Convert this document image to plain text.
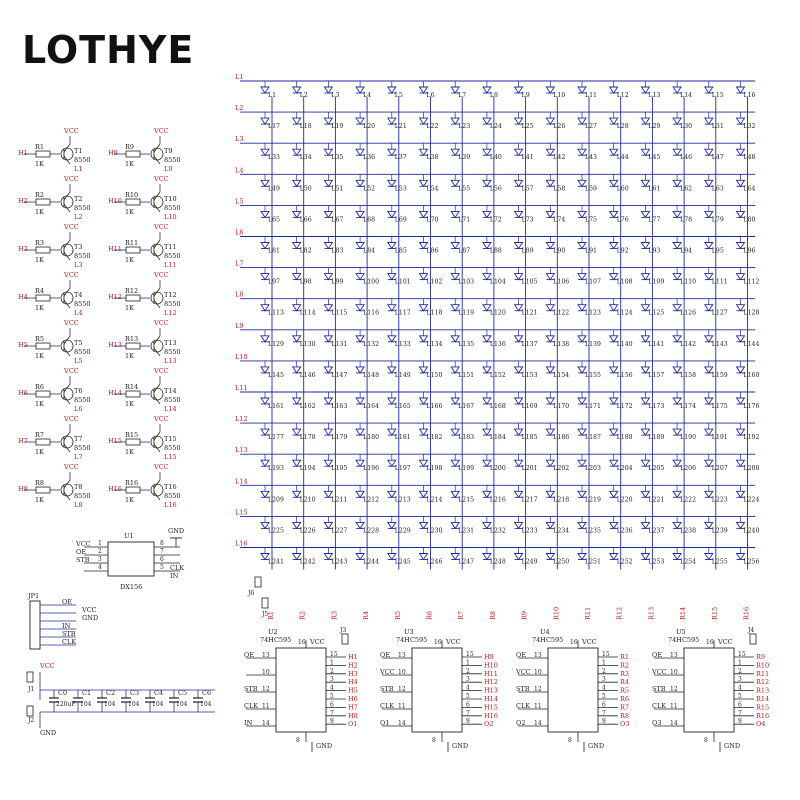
LOTHYE
L1
L2
L3
L4
L5
L6
L7
L8
L9
L10
L11
L12
L13
L14
L15
L16
R1	R2	R3	R4	R5	R6	R7	R8	R9	R10	R11	R12	R13	R14	R15	R16
L1	L2	L3	L4	L5	L6	L7	L8	L9	L10	L11	L12	L13	L14	L15	L16
L17	L18	L19	L20	L21	L22	L23	L24	L25	L26	L27	L28	L29	L30	L31	L32
L33	L34	L35	L36	L37	L38	L39	L40	L41	L42	L43	L44	L45	L46	L47	L48
L49	L50	L51	L52	L53	L54	L55	L56	L57	L58	L59	L60	L61	L62	L63	L64
L65	L66	L67	L68	L69	L70	L71	L72	L73	L74	L75	L76	L77	L78	L79	L80
L81	L82	L83	L84	L85	L86	L87	L88	L89	L90	L91	L92	L93	L94	L95	L96
L97	L98	L99	L100	L101	L102	L103	L104	L105	L106	L107	L108	L109	L110	L111	L112
L113	L114	L115	L116	L117	L118	L119	L120	L121	L122	L123	L124	L125	L126	L127	L128
L129	L130	L131	L132	L133	L134	L135	L136	L137	L138	L139	L140	L141	L142	L143	L144
L145	L146	L147	L148	L149	L150	L151	L152	L153	L154	L155	L156	L157	L158	L159	L160
L161	L162	L163	L164	L165	L166	L167	L168	L169	L170	L171	L172	L173	L174	L175	L176
L177	L178	L179	L180	L181	L182	L183	L184	L185	L186	L187	L188	L189	L190	L191	L192
L193	L194	L195	L196	L197	L198	L199	L200	L201	L202	L203	L204	L205	L206	L207	L208
L209	L210	L211	L212	L213	L214	L215	L216	L217	L218	L219	L220	L221	L222	L223	L224
L225	L226	L227	L228	L229	L230	L231	L232	L233	L234	L235	L236	L237	L238	L239	L240
L241	L242	L243	L244	L245	L246	L247	L248	L249	L250	L251	L252	L253	L254	L255	L256
J6
J5
H1
R1
1K
VCC
T1
8550
L1
H2
R2
1K
VCC
T2
8550
L2
H3
R3
1K
VCC
T3
8550
L3
H4
R4
1K
VCC
T4
8550
L4
H5
R5
1K
VCC
T5
8550
L5
H6
R6
1K
VCC
T6
8550
L6
H7
R7
1K
VCC
T7
8550
L7
H8
R8
1K
VCC
T8
8550
L8
H9
R9
1K
VCC
T9
8550
L9
H10
R10
1K
VCC
T10
8550
L10
H11
R11
1K
VCC
T11
8550
L11
H12
R12
1K
VCC
T12
8550
L12
H13
R13
1K
VCC
T13
8550
L13
H14
R14
1K
VCC
T14
8550
L14
H15
R15
1K
VCC
T15
8550
L15
H16
R16
1K
VCC
T16
8550
L16
U1
1
2
3
4
VCC
OE
STB
8
7
6
5 CLK
IN
GND
DX156
JP1
OE
VCC
GND
IN
STB
CLK
VCC
GND
J1
J2
C0
220uF
C1
104
C2
104
C3
104
C4
104
C5
104
C6
104
U2
74HC595 16 VCC
8
GND
OE 13
10
STB 12
CLK 11
IN 14
15 H1
1 H2
2 H3
3 H4
4 H5
5 H6
6 H7
7 H8
9 O1
J3	U3
74HC595 16 VCC
8
GND
OE 13
VCC 10
STB 12
CLK 11
O1 14
15 H9
1 H10
2 H11
3 H12
4 H13
5 H14
6 H15
7 H16
9 O2
U4
74HC595 16 VCC
8
GND
OE 13
VCC 10
STB 12
CLK 11
O2 14
15 R1
1 R2
2 R3
3 R4
4 R5
5 R6
6 R7
7 R8
9 O3
U5
74HC595 16 VCC
8
GND
OE 13
VCC 10
STB 12
CLK 11
O3 14
15 R9
1 R10
2 R11
3 R12
4 R13
5 R14
6 R15
7 R16
9 O4
J4
